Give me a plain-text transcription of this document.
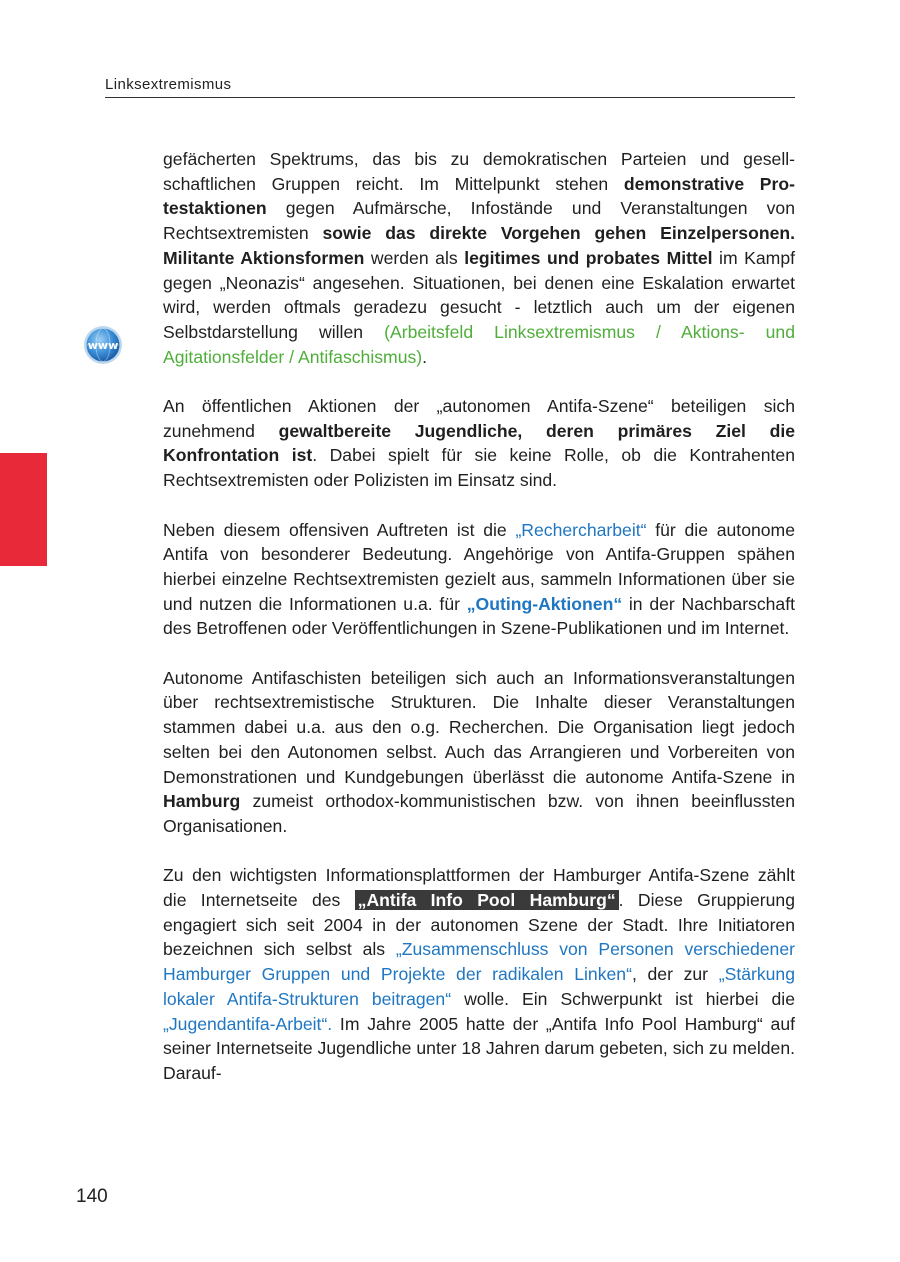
Linksextremismus
www

gefächerten Spektrums, das bis zu demokratischen Parteien und gesellschaftlichen Gruppen reicht. Im Mittelpunkt stehen demonstrative Protestaktionen gegen Aufmärsche, Infostände und Veranstaltungen von Rechtsextremisten sowie das direkte Vorgehen gehen Einzelpersonen. Militante Aktionsformen werden als legitimes und probates Mittel im Kampf gegen „Neonazis“ angesehen. Situationen, bei denen eine Eskalation erwartet wird, werden oftmals geradezu gesucht - letztlich auch um der eigenen Selbstdarstellung willen (Arbeitsfeld Linksextremismus / Aktions- und Agitationsfelder / Antifaschismus).

An öffentlichen Aktionen der „autonomen Antifa-Szene“ beteiligen sich zunehmend gewaltbereite Jugendliche, deren primäres Ziel die Konfrontation ist. Dabei spielt für sie keine Rolle, ob die Kontrahenten Rechtsextremisten oder Polizisten im Einsatz sind.

Neben diesem offensiven Auftreten ist die „Rechercharbeit“ für die autonome Antifa von besonderer Bedeutung. Angehörige von Antifa-Gruppen spähen hierbei einzelne Rechtsextremisten gezielt aus, sammeln Informationen über sie und nutzen die Informationen u.a. für „Outing-Aktionen“ in der Nachbarschaft des Betroffenen oder Veröffentlichungen in Szene-Publikationen und im Internet.

Autonome Antifaschisten beteiligen sich auch an Informationsveranstaltungen über rechtsextremistische Strukturen. Die Inhalte dieser Veranstaltungen stammen dabei u.a. aus den o.g. Recherchen. Die Organisation liegt jedoch selten bei den Autonomen selbst. Auch das Arrangieren und Vorbereiten von Demonstrationen und Kundgebungen überlässt die autonome Antifa-Szene in Hamburg zumeist orthodox-kommunistischen bzw. von ihnen beeinflussten Organisationen.

Zu den wichtigsten Informationsplattformen der Hamburger Antifa-Szene zählt die Internetseite des „Antifa Info Pool Hamburg“ . Diese Gruppierung engagiert sich seit 2004 in der autonomen Szene der Stadt. Ihre Initiatoren bezeichnen sich selbst als „Zusammenschluss von Personen verschiedener Hamburger Gruppen und Projekte der radikalen Linken“, der zur „Stärkung lokaler Antifa-Strukturen beitragen“ wolle. Ein Schwerpunkt ist hierbei die „Jugendantifa-Arbeit“. Im Jahre 2005 hatte der „Antifa Info Pool Hamburg“ auf seiner Internetseite Jugendliche unter 18 Jahren darum gebeten, sich zu melden. Darauf-

140
